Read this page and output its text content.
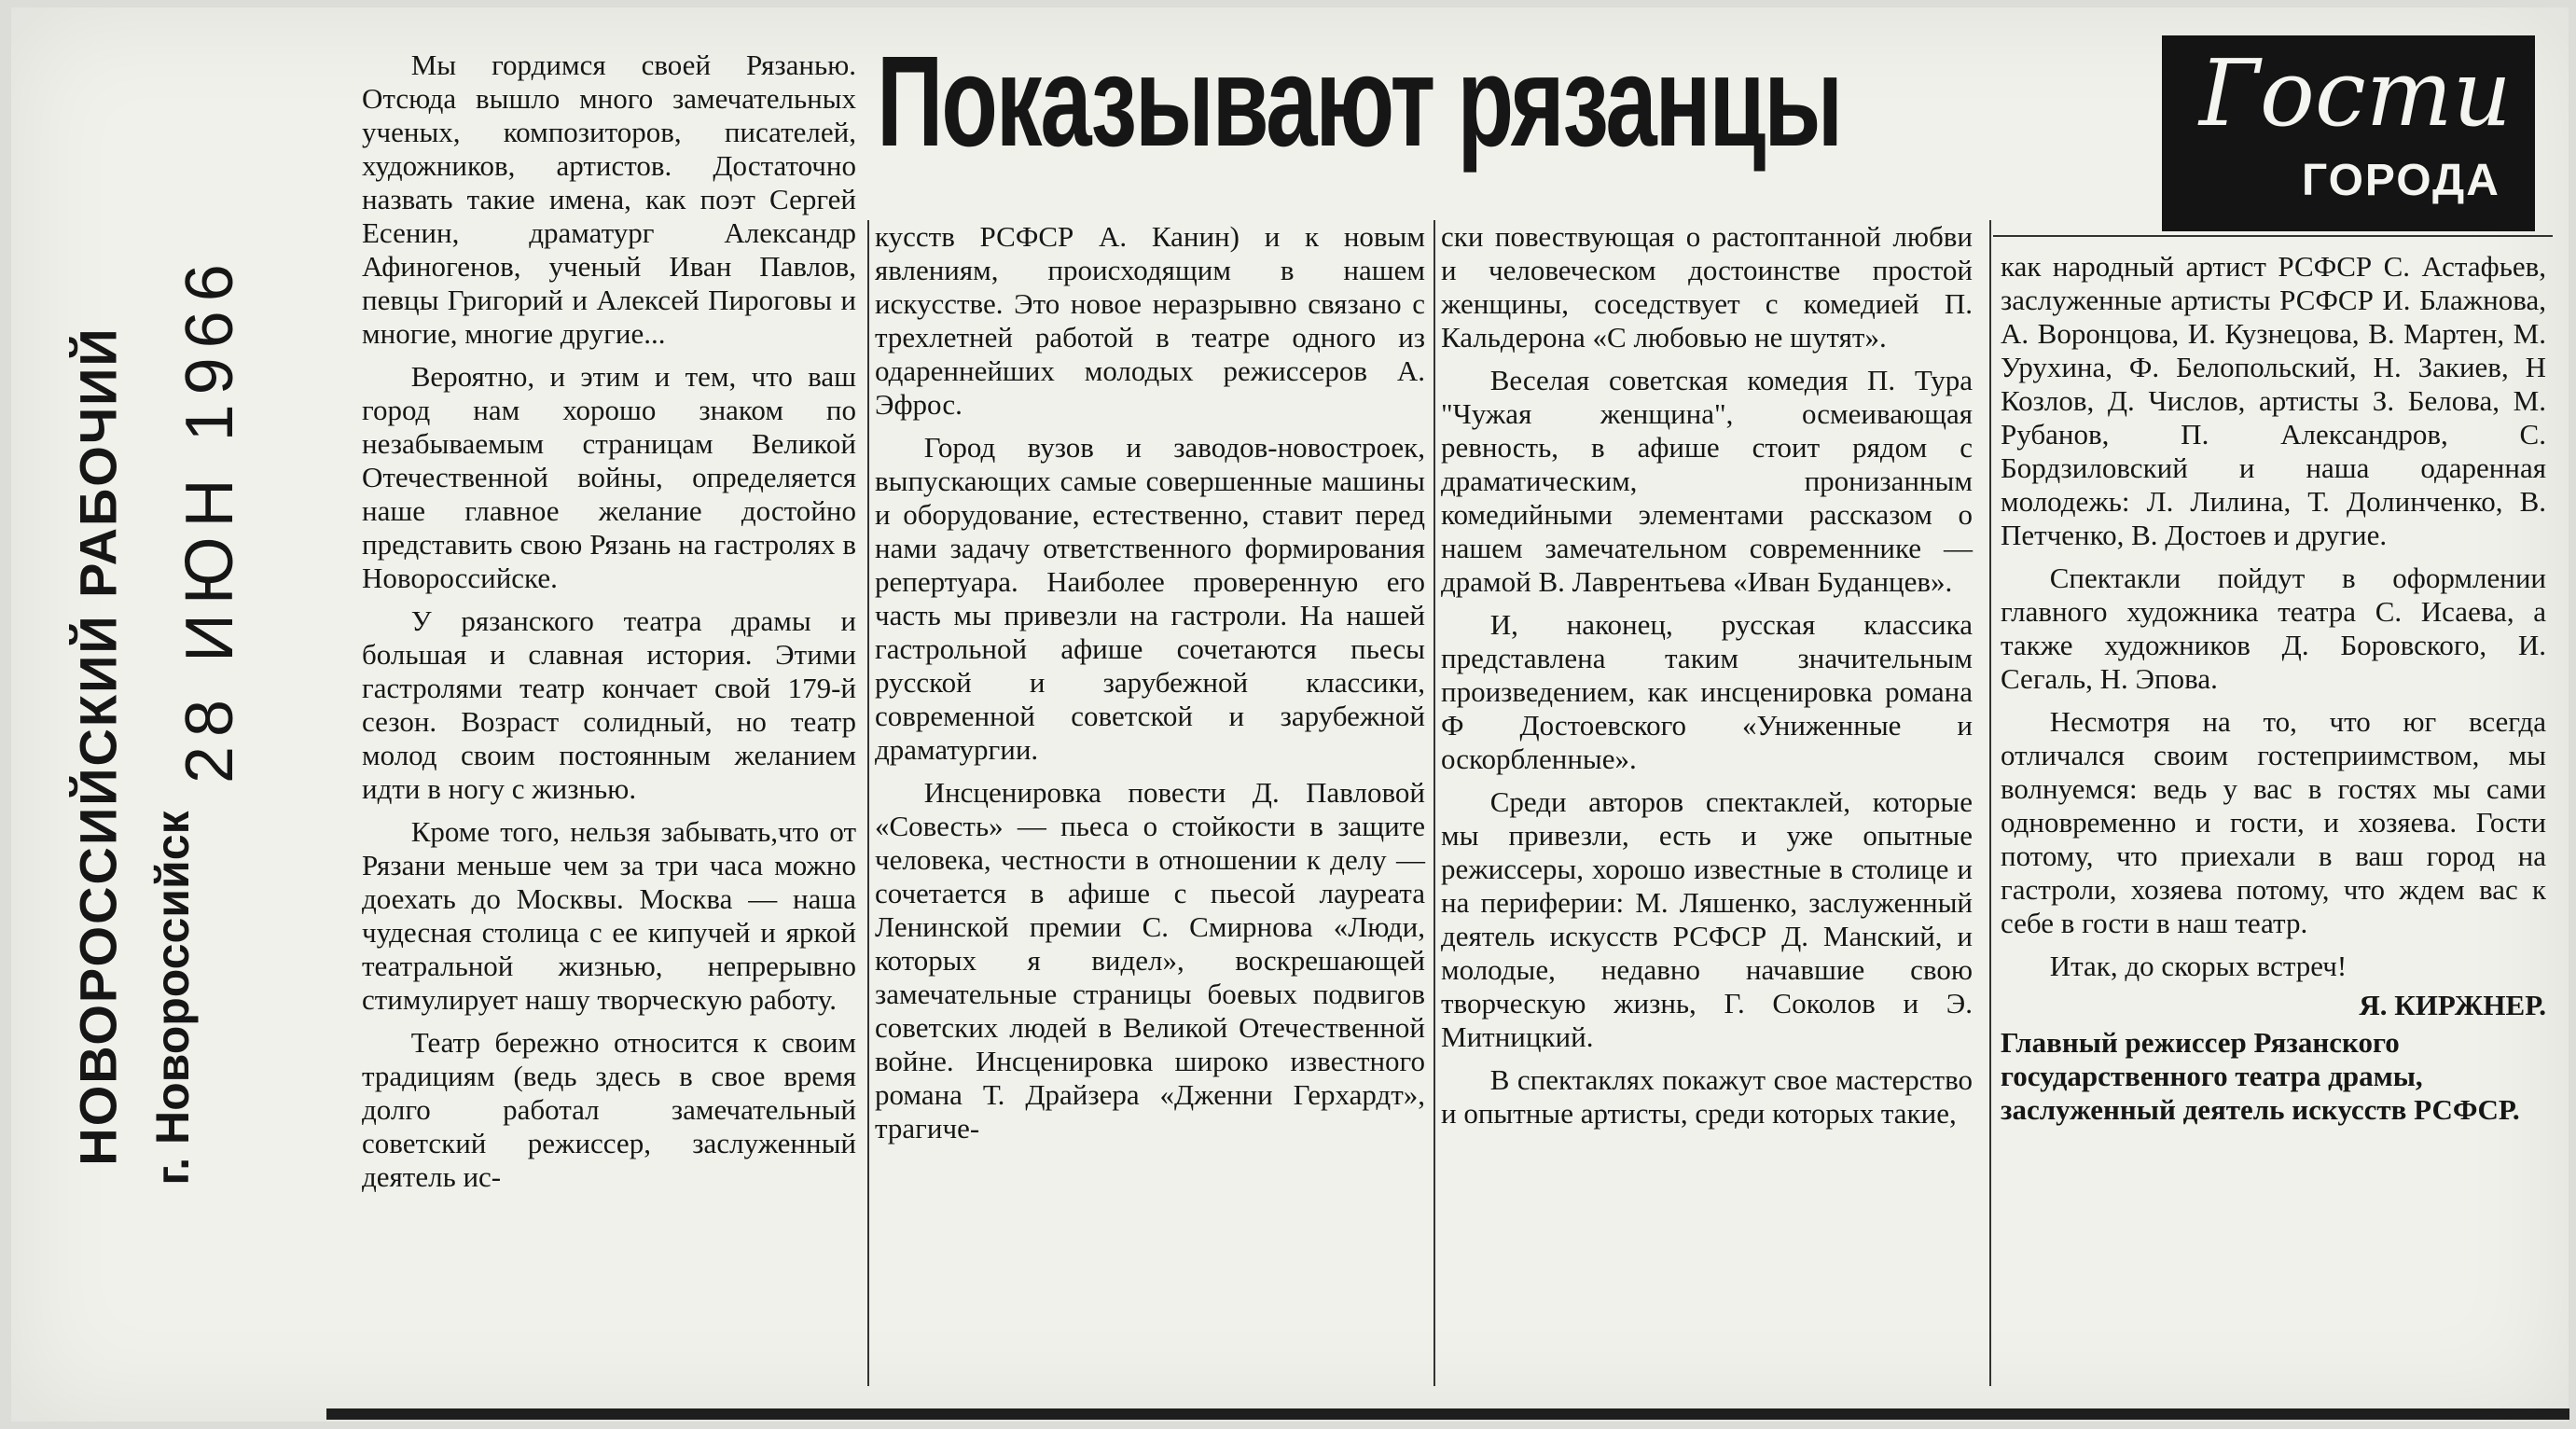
НОВОРОССИЙСКИЙ РАБОЧИЙ г. Новороссийск
28 ИЮН 1966
Показывают рязанцы	Гости
ГОРОДА

Мы гордимся своей Рязанью. Отсюда вышло много замечательных ученых, композиторов, писателей, художников, артистов. Достаточно назвать такие имена, как поэт Сергей Есенин, драматург Александр Афиногенов, ученый Иван Павлов, певцы Григорий и Алексей Пироговы и многие, многие другие...

Вероятно, и этим и тем, что ваш город нам хорошо знаком по незабываемым страницам Великой Отечественной войны, определяется наше главное желание достойно представить свою Рязань на гастролях в Новороссийске.

У рязанского театра драмы и большая и славная история. Этими гастролями театр кончает свой 179-й сезон. Возраст солидный, но театр молод своим постоянным желанием идти в ногу с жизнью.

Кроме того, нельзя забывать,что от Рязани меньше чем за три часа можно доехать до Москвы. Москва — наша чудесная столица с ее кипучей и яркой театральной жизнью, непрерывно стимулирует нашу творческую работу.

Театр бережно относится к своим традициям (ведь здесь в свое время долго работал замечательный советский режиссер, заслуженный деятель ис-

кусств РСФСР А. Канин) и к новым явлениям, происходящим в нашем искусстве. Это новое неразрывно связано с трехлетней работой в театре одного из одареннейших молодых режиссеров А. Эфрос.

Город вузов и заводов-новостроек, выпускающих самые совершенные машины и оборудование, естественно, ставит перед нами задачу ответственного формирования репертуара. Наиболее проверенную его часть мы привезли на гастроли. На нашей гастрольной афише сочетаются пьесы русской и зарубежной классики, современной советской и зарубежной драматургии.

Инсценировка повести Д. Павловой «Совесть» — пьеса о стойкости в защите человека, честности в отношении к делу — сочетается в афише с пьесой лауреата Ленинской премии С. Смирнова «Люди, которых я видел», воскрешающей замечательные страницы боевых подвигов советских людей в Великой Отечественной войне. Инсценировка широко известного романа Т. Драйзера «Дженни Герхардт», трагиче-

ски повествующая о растоптанной любви и человеческом достоинстве простой женщины, соседствует с комедией П. Кальдерона «С любовью не шутят».

Веселая советская комедия П. Тура "Чужая женщина", осмеивающая ревность, в афише стоит рядом с драматическим, пронизанным комедийными элементами рассказом о нашем замечательном современнике — драмой В. Лаврентьева «Иван Буданцев».

И, наконец, русская классика представлена таким значительным произведением, как инсценировка романа Ф Достоевского «Униженные и оскорбленные».

Среди авторов спектаклей, которые мы привезли, есть и уже опытные режиссеры, хорошо известные в столице и на периферии: М. Ляшенко, заслуженный деятель искусств РСФСР Д. Манский, и молодые, недавно начавшие свою творческую жизнь, Г. Соколов и Э. Митницкий.

В спектаклях покажут свое мастерство и опытные артисты, среди которых такие,

как народный артист РСФСР С. Астафьев, заслуженные артисты РСФСР И. Блажнова, А. Воронцова, И. Кузнецова, В. Мартен, М. Урухина, Ф. Белопольский, Н. Закиев, Н Козлов, Д. Числов, артисты З. Белова, М. Рубанов, П. Александров, С. Бордзиловский и наша одаренная молодежь: Л. Лилина, Т. Долинченко, В. Петченко, В. Достоев и другие.

Спектакли пойдут в оформлении главного художника театра С. Исаева, а также художников Д. Боровского, И. Сегаль, Н. Эпова.

Несмотря на то, что юг всегда отличался своим гостеприимством, мы волнуемся: ведь у вас в гостях мы сами одновременно и гости, и хозяева. Гости потому, что приехали в ваш город на гастроли, хозяева потому, что ждем вас к себе в гости в наш театр.

Итак, до скорых встреч!

Я. КИРЖНЕР.
Главный режиссер Рязанского государственного театра драмы, заслуженный деятель искусств РСФСР.
